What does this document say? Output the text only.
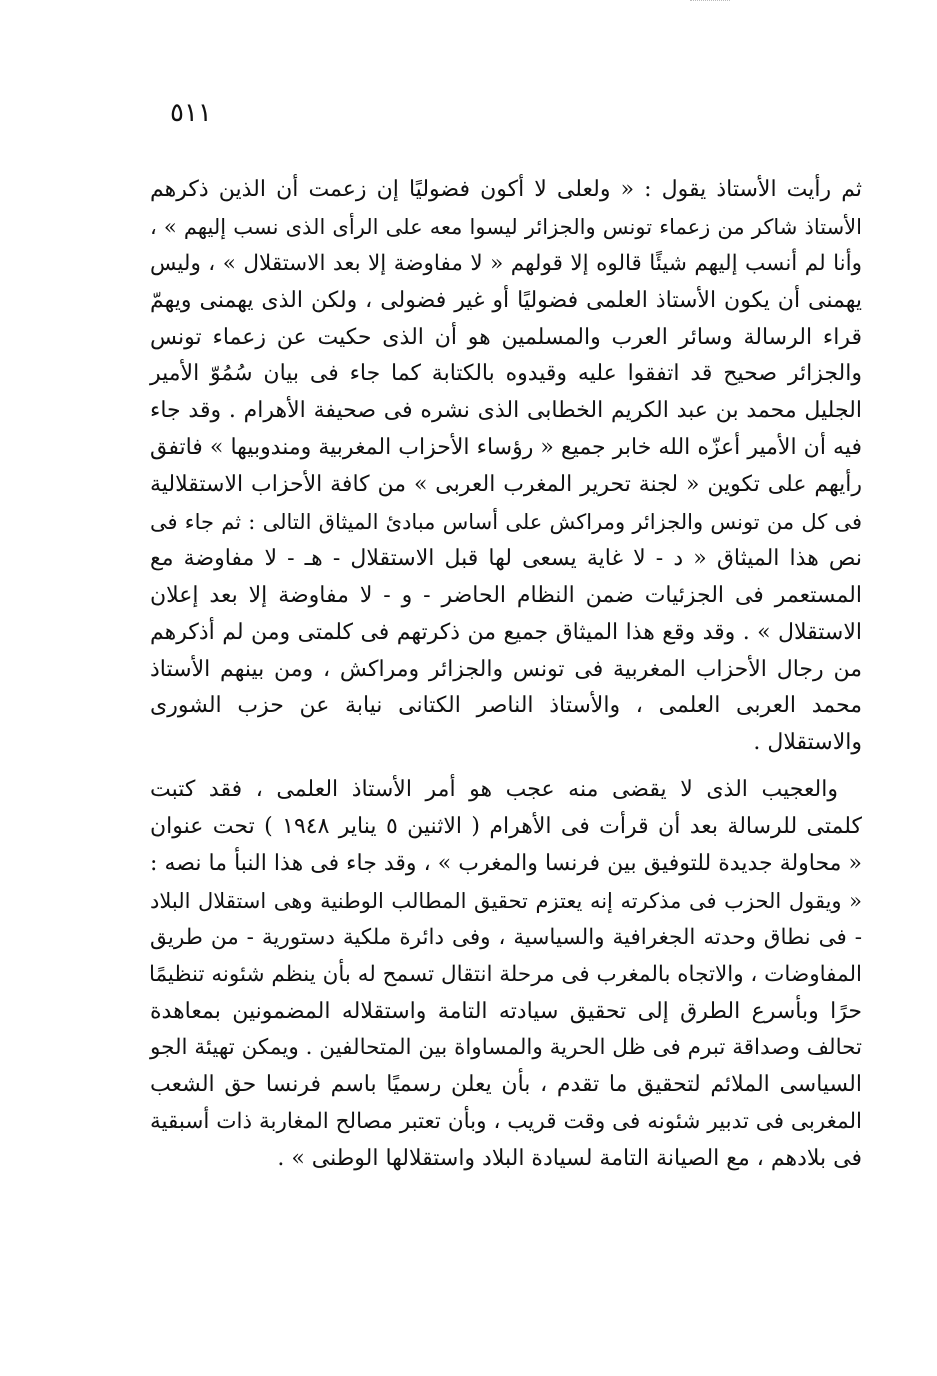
٥١١
ثم رأيت الأستاذ يقول : « ولعلى لا أكون فضوليًا إن زعمت أن الذين ذكرهم
الأستاذ شاكر من زعماء تونس والجزائر ليسوا معه على الرأى الذى نسب إليهم » ،
وأنا لم أنسب إليهم شيئًا قالوه إلا قولهم « لا مفاوضة إلا بعد الاستقلال » ، وليس
يهمنى أن يكون الأستاذ العلمى فضوليًا أو غير فضولى ، ولكن الذى يهمنى ويهمّ
قراء الرسالة وسائر العرب والمسلمين هو أن الذى حكيت عن زعماء تونس
والجزائر صحيح قد اتفقوا عليه وقيدوه بالكتابة كما جاء فى بيان سُمُوّ الأمير
الجليل محمد بن عبد الكريم الخطابى الذى نشره فى صحيفة الأهرام . وقد جاء
فيه أن الأمير أعزّه الله خابر جميع « رؤساء الأحزاب المغربية ومندوبيها » فاتفق
رأيهم على تكوين « لجنة تحرير المغرب العربى » من كافة الأحزاب الاستقلالية
فى كل من تونس والجزائر ومراكش على أساس مبادئ الميثاق التالى : ثم جاء فى
نص هذا الميثاق « د - لا غاية يسعى لها قبل الاستقلال - هـ - لا مفاوضة مع
المستعمر فى الجزئيات ضمن النظام الحاضر - و - لا مفاوضة إلا بعد إعلان
الاستقلال » . وقد وقع هذا الميثاق جميع من ذكرتهم فى كلمتى ومن لم أذكرهم
من رجال الأحزاب المغربية فى تونس والجزائر ومراكش ، ومن بينهم الأستاذ
محمد العربى العلمى ، والأستاذ الناصر الكتانى نيابة عن حزب الشورى
والاستقلال .
والعجيب الذى لا يقضى منه عجب هو أمر الأستاذ العلمى ، فقد كتبت
كلمتى للرسالة بعد أن قرأت فى الأهرام ( الاثنين ٥ يناير ١٩٤٨ ) تحت عنوان
« محاولة جديدة للتوفيق بين فرنسا والمغرب » ، وقد جاء فى هذا النبأ ما نصه :
« ويقول الحزب فى مذكرته إنه يعتزم تحقيق المطالب الوطنية وهى استقلال البلاد
- فى نطاق وحدته الجغرافية والسياسية ، وفى دائرة ملكية دستورية - من طريق
المفاوضات ، والاتجاه بالمغرب فى مرحلة انتقال تسمح له بأن ينظم شئونه تنظيمًا
حرًا وبأسرع الطرق إلى تحقيق سيادته التامة واستقلاله المضمونين بمعاهدة
تحالف وصداقة تبرم فى ظل الحرية والمساواة بين المتحالفين . ويمكن تهيئة الجو
السياسى الملائم لتحقيق ما تقدم ، بأن يعلن رسميًا باسم فرنسا حق الشعب
المغربى فى تدبير شئونه فى وقت قريب ، وبأن تعتبر مصالح المغاربة ذات أسبقية
فى بلادهم ، مع الصيانة التامة لسيادة البلاد واستقلالها الوطنى » .
